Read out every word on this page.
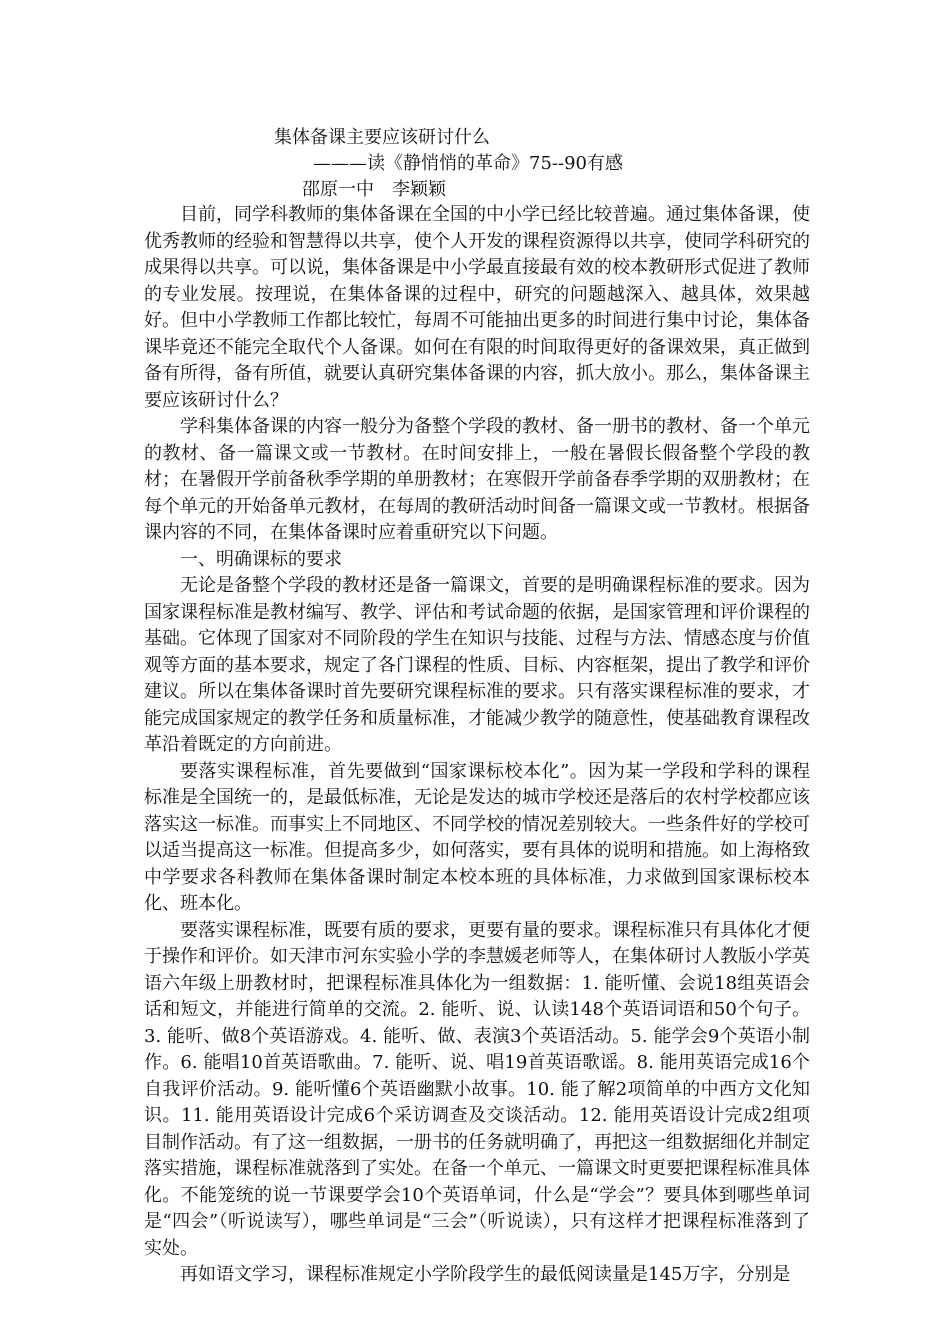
集体备课主要应该研讨什么
———读《静悄悄的革命》75--90有感
邵原一中　李颖颖

目前，同学科教师的集体备课在全国的中小学已经比较普遍。通过集体备课，使优秀教师的经验和智慧得以共享，使个人开发的课程资源得以共享，使同学科研究的成果得以共享。可以说，集体备课是中小学最直接最有效的校本教研形式促进了教师的专业发展。按理说，在集体备课的过程中，研究的问题越深入、越具体，效果越好。但中小学教师工作都比较忙，每周不可能抽出更多的时间进行集中讨论，集体备课毕竟还不能完全取代个人备课。如何在有限的时间取得更好的备课效果，真正做到备有所得，备有所值，就要认真研究集体备课的内容，抓大放小。那么，集体备课主要应该研讨什么？

学科集体备课的内容一般分为备整个学段的教材、备一册书的教材、备一个单元的教材、备一篇课文或一节教材。在时间安排上，一般在暑假长假备整个学段的教材；在暑假开学前备秋季学期的单册教材；在寒假开学前备春季学期的双册教材；在每个单元的开始备单元教材，在每周的教研活动时间备一篇课文或一节教材。根据备课内容的不同，在集体备课时应着重研究以下问题。

一、明确课标的要求

无论是备整个学段的教材还是备一篇课文，首要的是明确课程标准的要求。因为国家课程标准是教材编写、教学、评估和考试命题的依据，是国家管理和评价课程的基础。它体现了国家对不同阶段的学生在知识与技能、过程与方法、情感态度与价值观等方面的基本要求，规定了各门课程的性质、目标、内容框架，提出了教学和评价建议。所以在集体备课时首先要研究课程标准的要求。只有落实课程标准的要求，才能完成国家规定的教学任务和质量标准，才能减少教学的随意性，使基础教育课程改革沿着既定的方向前进。

要落实课程标准，首先要做到“国家课标校本化”。因为某一学段和学科的课程标准是全国统一的，是最低标准，无论是发达的城市学校还是落后的农村学校都应该落实这一标准。而事实上不同地区、不同学校的情况差别较大。一些条件好的学校可以适当提高这一标准。但提高多少，如何落实，要有具体的说明和措施。如上海格致中学要求各科教师在集体备课时制定本校本班的具体标准，力求做到国家课标校本化、班本化。

要落实课程标准，既要有质的要求，更要有量的要求。课程标准只有具体化才便于操作和评价。如天津市河东实验小学的李慧媛老师等人，在集体研讨人教版小学英语六年级上册教材时，把课程标准具体化为一组数据：1. 能听懂、会说18组英语会话和短文，并能进行简单的交流。2. 能听、说、认读148个英语词语和50个句子。3. 能听、做8个英语游戏。4. 能听、做、表演3个英语活动。5. 能学会9个英语小制作。6. 能唱10首英语歌曲。7. 能听、说、唱19首英语歌谣。8. 能用英语完成16个自我评价活动。9. 能听懂6个英语幽默小故事。10. 能了解2项简单的中西方文化知识。11. 能用英语设计完成6个采访调查及交谈活动。12. 能用英语设计完成2组项目制作活动。有了这一组数据，一册书的任务就明确了，再把这一组数据细化并制定落实措施，课程标准就落到了实处。在备一个单元、一篇课文时更要把课程标准具体化。不能笼统的说一节课要学会10个英语单词，什么是“学会”？要具体到哪些单词是“四会”（听说读写），哪些单词是“三会”（听说读），只有这样才把课程标准落到了实处。

再如语文学习，课程标准规定小学阶段学生的最低阅读量是145万字，分别是
